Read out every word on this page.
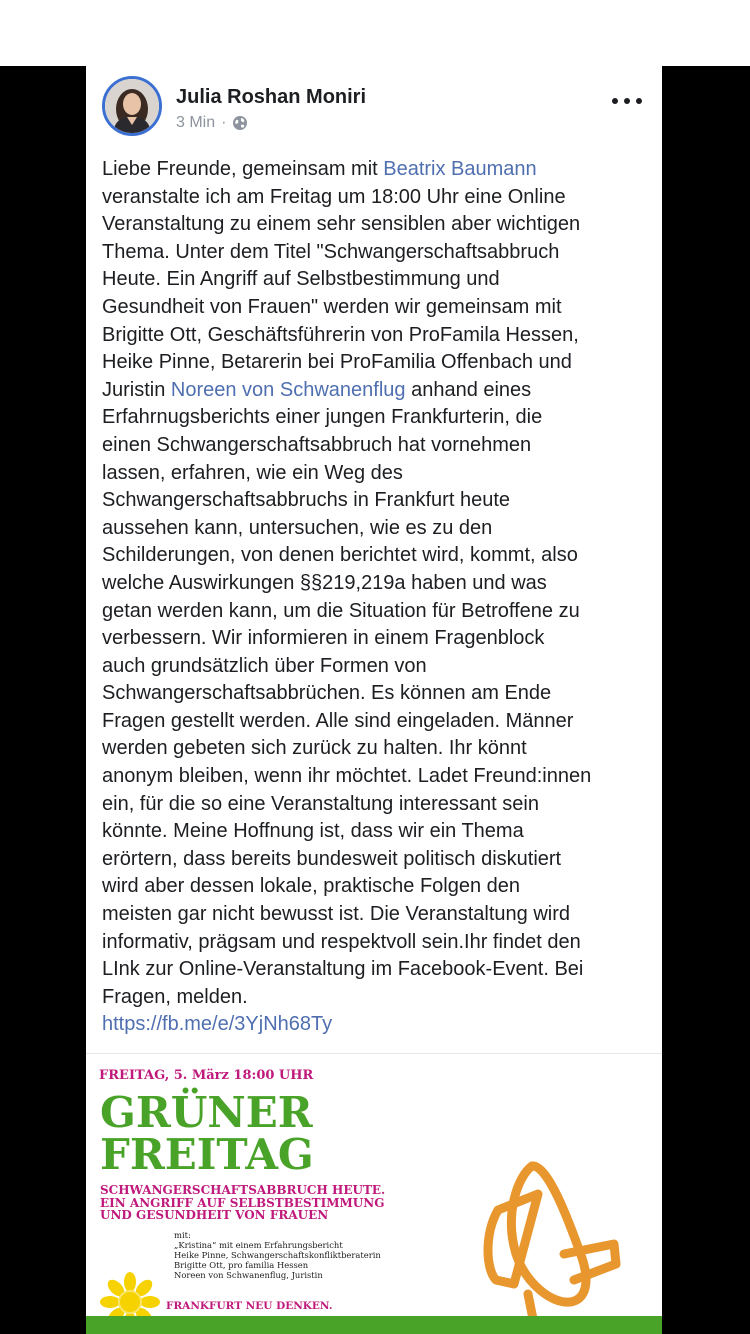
Julia Roshan Moniri
3 Min ·
Liebe Freunde, gemeinsam mit Beatrix Baumann
veranstalte ich am Freitag um 18:00 Uhr eine Online
Veranstaltung zu einem sehr sensiblen aber wichtigen
Thema. Unter dem Titel "Schwangerschaftsabbruch
Heute. Ein Angriff auf Selbstbestimmung und
Gesundheit von Frauen" werden wir gemeinsam mit
Brigitte Ott, Geschäftsführerin von ProFamila Hessen,
Heike Pinne, Betarerin bei ProFamilia Offenbach und
Juristin Noreen von Schwanenflug anhand eines
Erfahrnugsberichts einer jungen Frankfurterin, die
einen Schwangerschaftsabbruch hat vornehmen
lassen, erfahren, wie ein Weg des
Schwangerschaftsabbruchs in Frankfurt heute
aussehen kann, untersuchen, wie es zu den
Schilderungen, von denen berichtet wird, kommt, also
welche Auswirkungen §§219,219a haben und was
getan werden kann, um die Situation für Betroffene zu
verbessern. Wir informieren in einem Fragenblock
auch grundsätzlich über Formen von
Schwangerschaftsabbrüchen. Es können am Ende
Fragen gestellt werden. Alle sind eingeladen. Männer
werden gebeten sich zurück zu halten. Ihr könnt
anonym bleiben, wenn ihr möchtet. Ladet Freund:innen
ein, für die so eine Veranstaltung interessant sein
könnte. Meine Hoffnung ist, dass wir ein Thema
erörtern, dass bereits bundesweit politisch diskutiert
wird aber dessen lokale, praktische Folgen den
meisten gar nicht bewusst ist. Die Veranstaltung wird
informativ, prägsam und respektvoll sein.Ihr findet den
LInk zur Online-Veranstaltung im Facebook-Event. Bei
Fragen, melden.
https://fb.me/e/3YjNh68Ty
FREITAG, 5. März 18:00 UHR
GRÜNER
FREITAG
SCHWANGERSCHAFTSABBRUCH HEUTE.
EIN ANGRIFF AUF SELBSTBESTIMMUNG
UND GESUNDHEIT VON FRAUEN
mit:
„Kristina“ mit einem Erfahrungsbericht
Heike Pinne, Schwangerschaftskonfliktberaterin
Brigitte Ott, pro familia Hessen
Noreen von Schwanenflug, Juristin
FRANKFURT NEU DENKEN.
